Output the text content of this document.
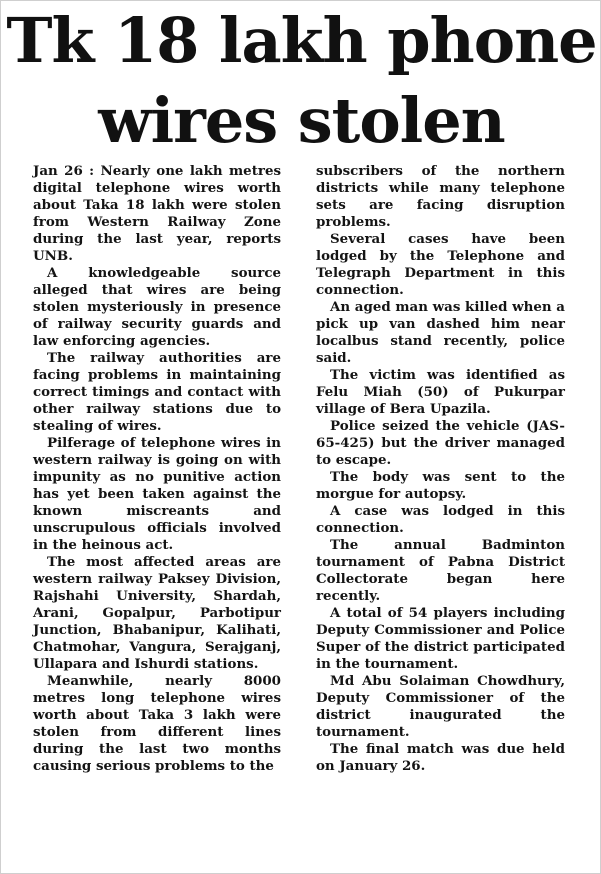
Tk 18 lakh phone
wires stolen

Jan 26 : Nearly one lakh metres digital telephone wires worth about Taka 18 lakh were stolen from Western Railway Zone during the last year, reports UNB.

A knowledgeable source alleged that wires are being stolen mysteriously in presence of railway security guards and law enforcing agencies.

The railway authorities are facing problems in maintaining correct timings and contact with other railway stations due to stealing of wires.

Pilferage of telephone wires in western railway is going on with impunity as no punitive action has yet been taken against the known miscreants and unscrupulous officials involved in the heinous act.

The most affected areas are western railway Paksey Division, Rajshahi University, Shardah, Arani, Gopalpur, Parbotipur Junction, Bhabanipur, Kalihati, Chatmohar, Vangura, Serajganj, Ullapara and Ishurdi stations.

Meanwhile, nearly 8000 metres long telephone wires worth about Taka 3 lakh were stolen from different lines during the last two months causing serious problems to the

subscribers of the northern districts while many telephone sets are facing disruption problems.

Several cases have been lodged by the Telephone and Telegraph Department in this connection.

An aged man was killed when a pick up van dashed him near localbus stand recently, police said.

The victim was identified as Felu Miah (50) of Pukurpar village of Bera Upazila.

Police seized the vehicle (JAS-65-425) but the driver managed to escape.

The body was sent to the morgue for autopsy.

A case was lodged in this connection.

The annual Badminton tournament of Pabna District Collectorate began here recently.

A total of 54 players including Deputy Commissioner and Police Super of the district participated in the tournament.

Md Abu Solaiman Chowdhury, Deputy Commissioner of the district inaugurated the tournament.

The final match was due held on January 26.
